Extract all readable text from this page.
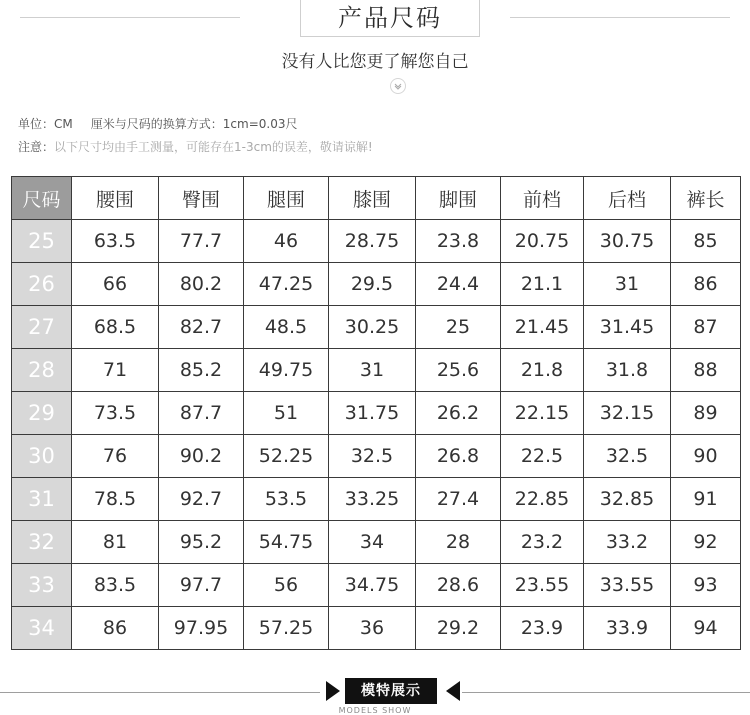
产品尺码
没有人比您更了解您自己
单位：CM 厘米与尺码的换算方式：1cm=0.03尺
注意：以下尺寸均由手工测量，可能存在1-3cm的误差，敬请谅解!
尺码	腰围	臀围	腿围	膝围	脚围	前档	后档	裤长
25	63.5	77.7	46	28.75	23.8	20.75	30.75	85
26	66	80.2	47.25	29.5	24.4	21.1	31	86
27	68.5	82.7	48.5	30.25	25	21.45	31.45	87
28	71	85.2	49.75	31	25.6	21.8	31.8	88
29	73.5	87.7	51	31.75	26.2	22.15	32.15	89
30	76	90.2	52.25	32.5	26.8	22.5	32.5	90
31	78.5	92.7	53.5	33.25	27.4	22.85	32.85	91
32	81	95.2	54.75	34	28	23.2	33.2	92
33	83.5	97.7	56	34.75	28.6	23.55	33.55	93
34	86	97.95	57.25	36	29.2	23.9	33.9	94
模特展示
MODELS SHOW
